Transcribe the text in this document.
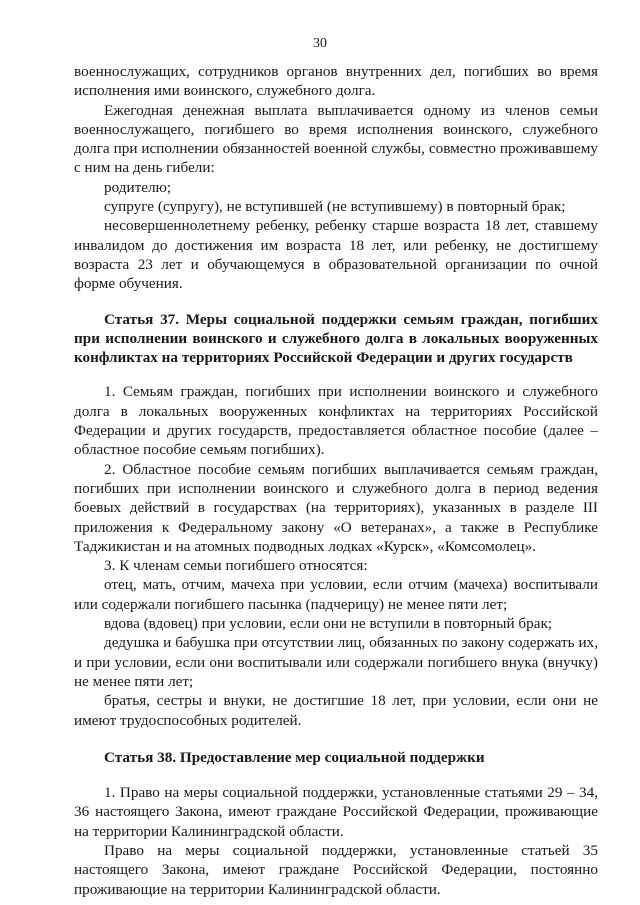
30

военнослужащих, сотрудников органов внутренних дел, погибших во время исполнения ими воинского, служебного долга.

Ежегодная денежная выплата выплачивается одному из членов семьи военнослужащего, погибшего во время исполнения воинского, служебного долга при исполнении обязанностей военной службы, совместно проживавшему с ним на день гибели:

родителю;

супруге (супругу), не вступившей (не вступившему) в повторный брак;

несовершеннолетнему ребенку, ребенку старше возраста 18 лет, ставшему инвалидом до достижения им возраста 18 лет, или ребенку, не достигшему возраста 23 лет и обучающемуся в образовательной организации по очной форме обучения.

Статья 37. Меры социальной поддержки семьям граждан, погибших при исполнении воинского и служебного долга в локальных вооруженных конфликтах на территориях Российской Федерации и других государств

1. Семьям граждан, погибших при исполнении воинского и служебного долга в локальных вооруженных конфликтах на территориях Российской Федерации и других государств, предоставляется областное пособие (далее – областное пособие семьям погибших).

2. Областное пособие семьям погибших выплачивается семьям граждан, погибших при исполнении воинского и служебного долга в период ведения боевых действий в государствах (на территориях), указанных в разделе III приложения к Федеральному закону «О ветеранах», а также в Республике Таджикистан и на атомных подводных лодках «Курск», «Комсомолец».

3. К членам семьи погибшего относятся:

отец, мать, отчим, мачеха при условии, если отчим (мачеха) воспитывали или содержали погибшего пасынка (падчерицу) не менее пяти лет;

вдова (вдовец) при условии, если они не вступили в повторный брак;

дедушка и бабушка при отсутствии лиц, обязанных по закону содержать их, и при условии, если они воспитывали или содержали погибшего внука (внучку) не менее пяти лет;

братья, сестры и внуки, не достигшие 18 лет, при условии, если они не имеют трудоспособных родителей.

Статья 38. Предоставление мер социальной поддержки

1. Право на меры социальной поддержки, установленные статьями 29 – 34, 36 настоящего Закона, имеют граждане Российской Федерации, проживающие на территории Калининградской области.

Право на меры социальной поддержки, установленные статьей 35 настоящего Закона, имеют граждане Российской Федерации, постоянно проживающие на территории Калининградской области.
